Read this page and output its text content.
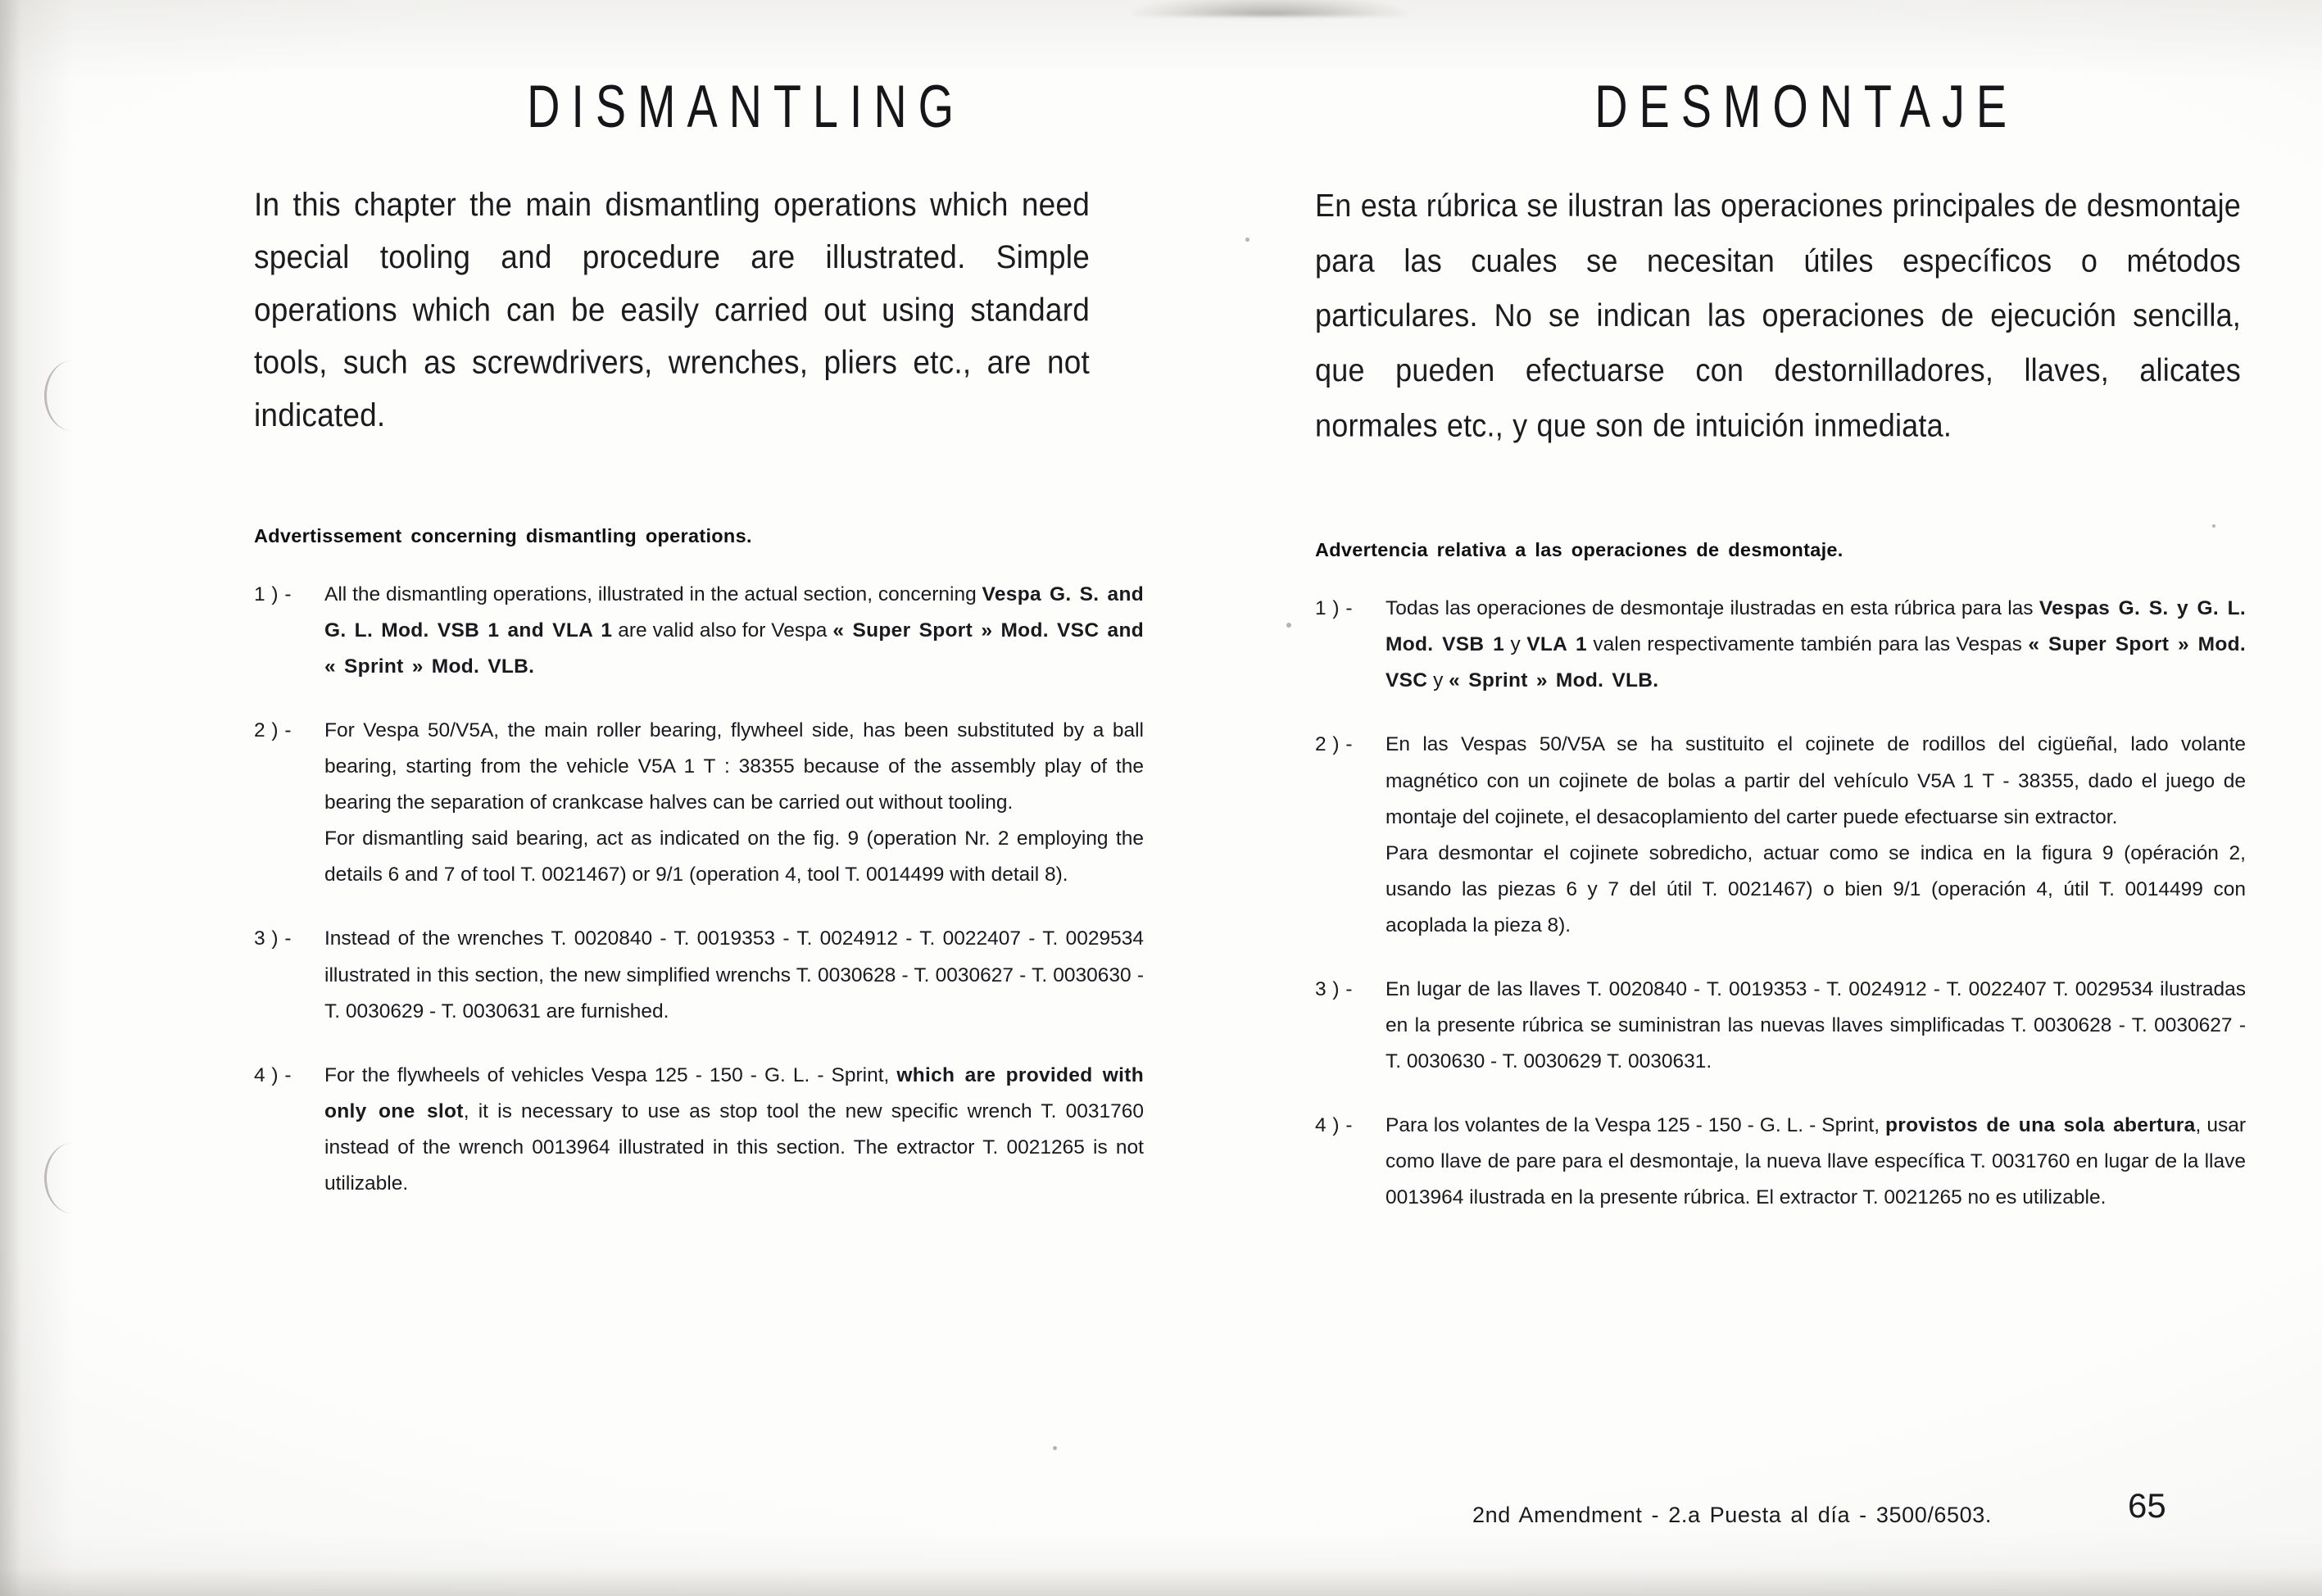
DISMANTLING

In this chapter the main dismantling operations which need special tooling and procedure are illustrated. Simple operations which can be easily carried out using standard tools, such as screwdrivers, wrenches, pliers etc., are not indicated.

Advertissement concerning dismantling operations.

1 ) - All the dismantling operations, illustrated in the actual section, concerning Vespa G. S. and G. L. Mod. VSB 1 and VLA 1 are valid also for Vespa « Super Sport » Mod. VSC and « Sprint » Mod. VLB.

2 ) - For Vespa 50/V5A, the main roller bearing, flywheel side, has been substituted by a ball bearing, starting from the vehicle V5A 1 T : 38355 because of the assembly play of the bearing the separation of crankcase halves can be carried out without tooling.

For dismantling said bearing, act as indicated on the fig. 9 (operation Nr. 2 employing the details 6 and 7 of tool T. 0021467) or 9/1 (operation 4, tool T. 0014499 with detail 8).

3 ) - Instead of the wrenches T. 0020840 - T. 0019353 - T. 0024912 - T. 0022407 - T. 0029534 illustrated in this section, the new simplified wrenchs T. 0030628 - T. 0030627 - T. 0030630 - T. 0030629 - T. 0030631 are furnished.

4 ) - For the flywheels of vehicles Vespa 125 - 150 - G. L. - Sprint, which are provided with only one slot, it is necessary to use as stop tool the new specific wrench T. 0031760 instead of the wrench 0013964 illustrated in this section. The extractor T. 0021265 is not utilizable.

DESMONTAJE

En esta rúbrica se ilustran las operaciones principales de desmontaje para las cuales se necesitan útiles específicos o métodos particulares. No se indican las operaciones de ejecución sencilla, que pueden efectuarse con destornilladores, llaves, alicates normales etc., y que son de intuición inmediata.

Advertencia relativa a las operaciones de desmontaje.

1 ) - Todas las operaciones de desmontaje ilustradas en esta rúbrica para las Vespas G. S. y G. L. Mod. VSB 1 y VLA 1 valen respectivamente también para las Vespas « Super Sport » Mod. VSC y « Sprint » Mod. VLB.

2 ) - En las Vespas 50/V5A se ha sustituito el cojinete de rodillos del cigüeñal, lado volante magnético con un cojinete de bolas a partir del vehículo V5A 1 T - 38355, dado el juego de montaje del cojinete, el desacoplamiento del carter puede efectuarse sin extractor.

Para desmontar el cojinete sobredicho, actuar como se indica en la figura 9 (opéración 2, usando las piezas 6 y 7 del útil T. 0021467) o bien 9/1 (operación 4, útil T. 0014499 con acoplada la pieza 8).

3 ) - En lugar de las llaves T. 0020840 - T. 0019353 - T. 0024912 - T. 0022407 T. 0029534 ilustradas en la presente rúbrica se suministran las nuevas llaves simplificadas T. 0030628 - T. 0030627 - T. 0030630 - T. 0030629 T. 0030631.

4 ) - Para los volantes de la Vespa 125 - 150 - G. L. - Sprint, provistos de una sola abertura, usar como llave de pare para el desmontaje, la nueva llave específica T. 0031760 en lugar de la llave 0013964 ilustrada en la presente rúbrica. El extractor T. 0021265 no es utilizable.

2nd Amendment - 2.a Puesta al día - 3500/6503.	65
